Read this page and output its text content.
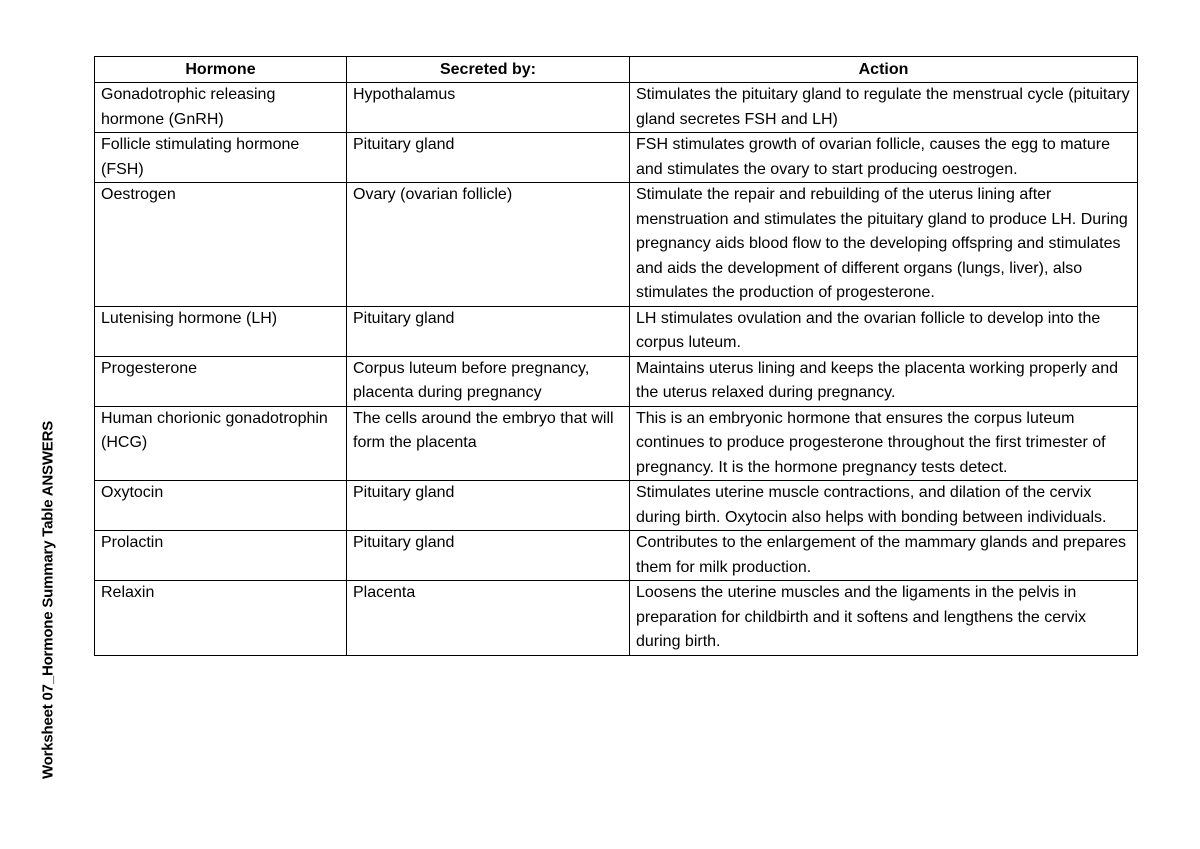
Worksheet 07_Hormone Summary Table ANSWERS
Hormone	Secreted by:	Action
Gonadotrophic releasing hormone (GnRH)	Hypothalamus	Stimulates the pituitary gland to regulate the menstrual cycle (pituitary gland secretes FSH and LH)
Follicle stimulating hormone (FSH)	Pituitary gland	FSH stimulates growth of ovarian follicle, causes the egg to mature and stimulates the ovary to start producing oestrogen.
Oestrogen	Ovary (ovarian follicle)	Stimulate the repair and rebuilding of the uterus lining after menstruation and stimulates the pituitary gland to produce LH. During pregnancy aids blood flow to the developing offspring and stimulates and aids the development of different organs (lungs, liver), also stimulates the production of progesterone.
Lutenising hormone (LH)	Pituitary gland	LH stimulates ovulation and the ovarian follicle to develop into the corpus luteum.
Progesterone	Corpus luteum before pregnancy, placenta during pregnancy	Maintains uterus lining and keeps the placenta working properly and the uterus relaxed during pregnancy.
Human chorionic gonadotrophin (HCG)	The cells around the embryo that will form the placenta	This is an embryonic hormone that ensures the corpus luteum continues to produce progesterone throughout the first trimester of pregnancy. It is the hormone pregnancy tests detect.
Oxytocin	Pituitary gland	Stimulates uterine muscle contractions, and dilation of the cervix during birth. Oxytocin also helps with bonding between individuals.
Prolactin	Pituitary gland	Contributes to the enlargement of the mammary glands and prepares them for milk production.
Relaxin	Placenta	Loosens the uterine muscles and the ligaments in the pelvis in preparation for childbirth and it softens and lengthens the cervix during birth.
